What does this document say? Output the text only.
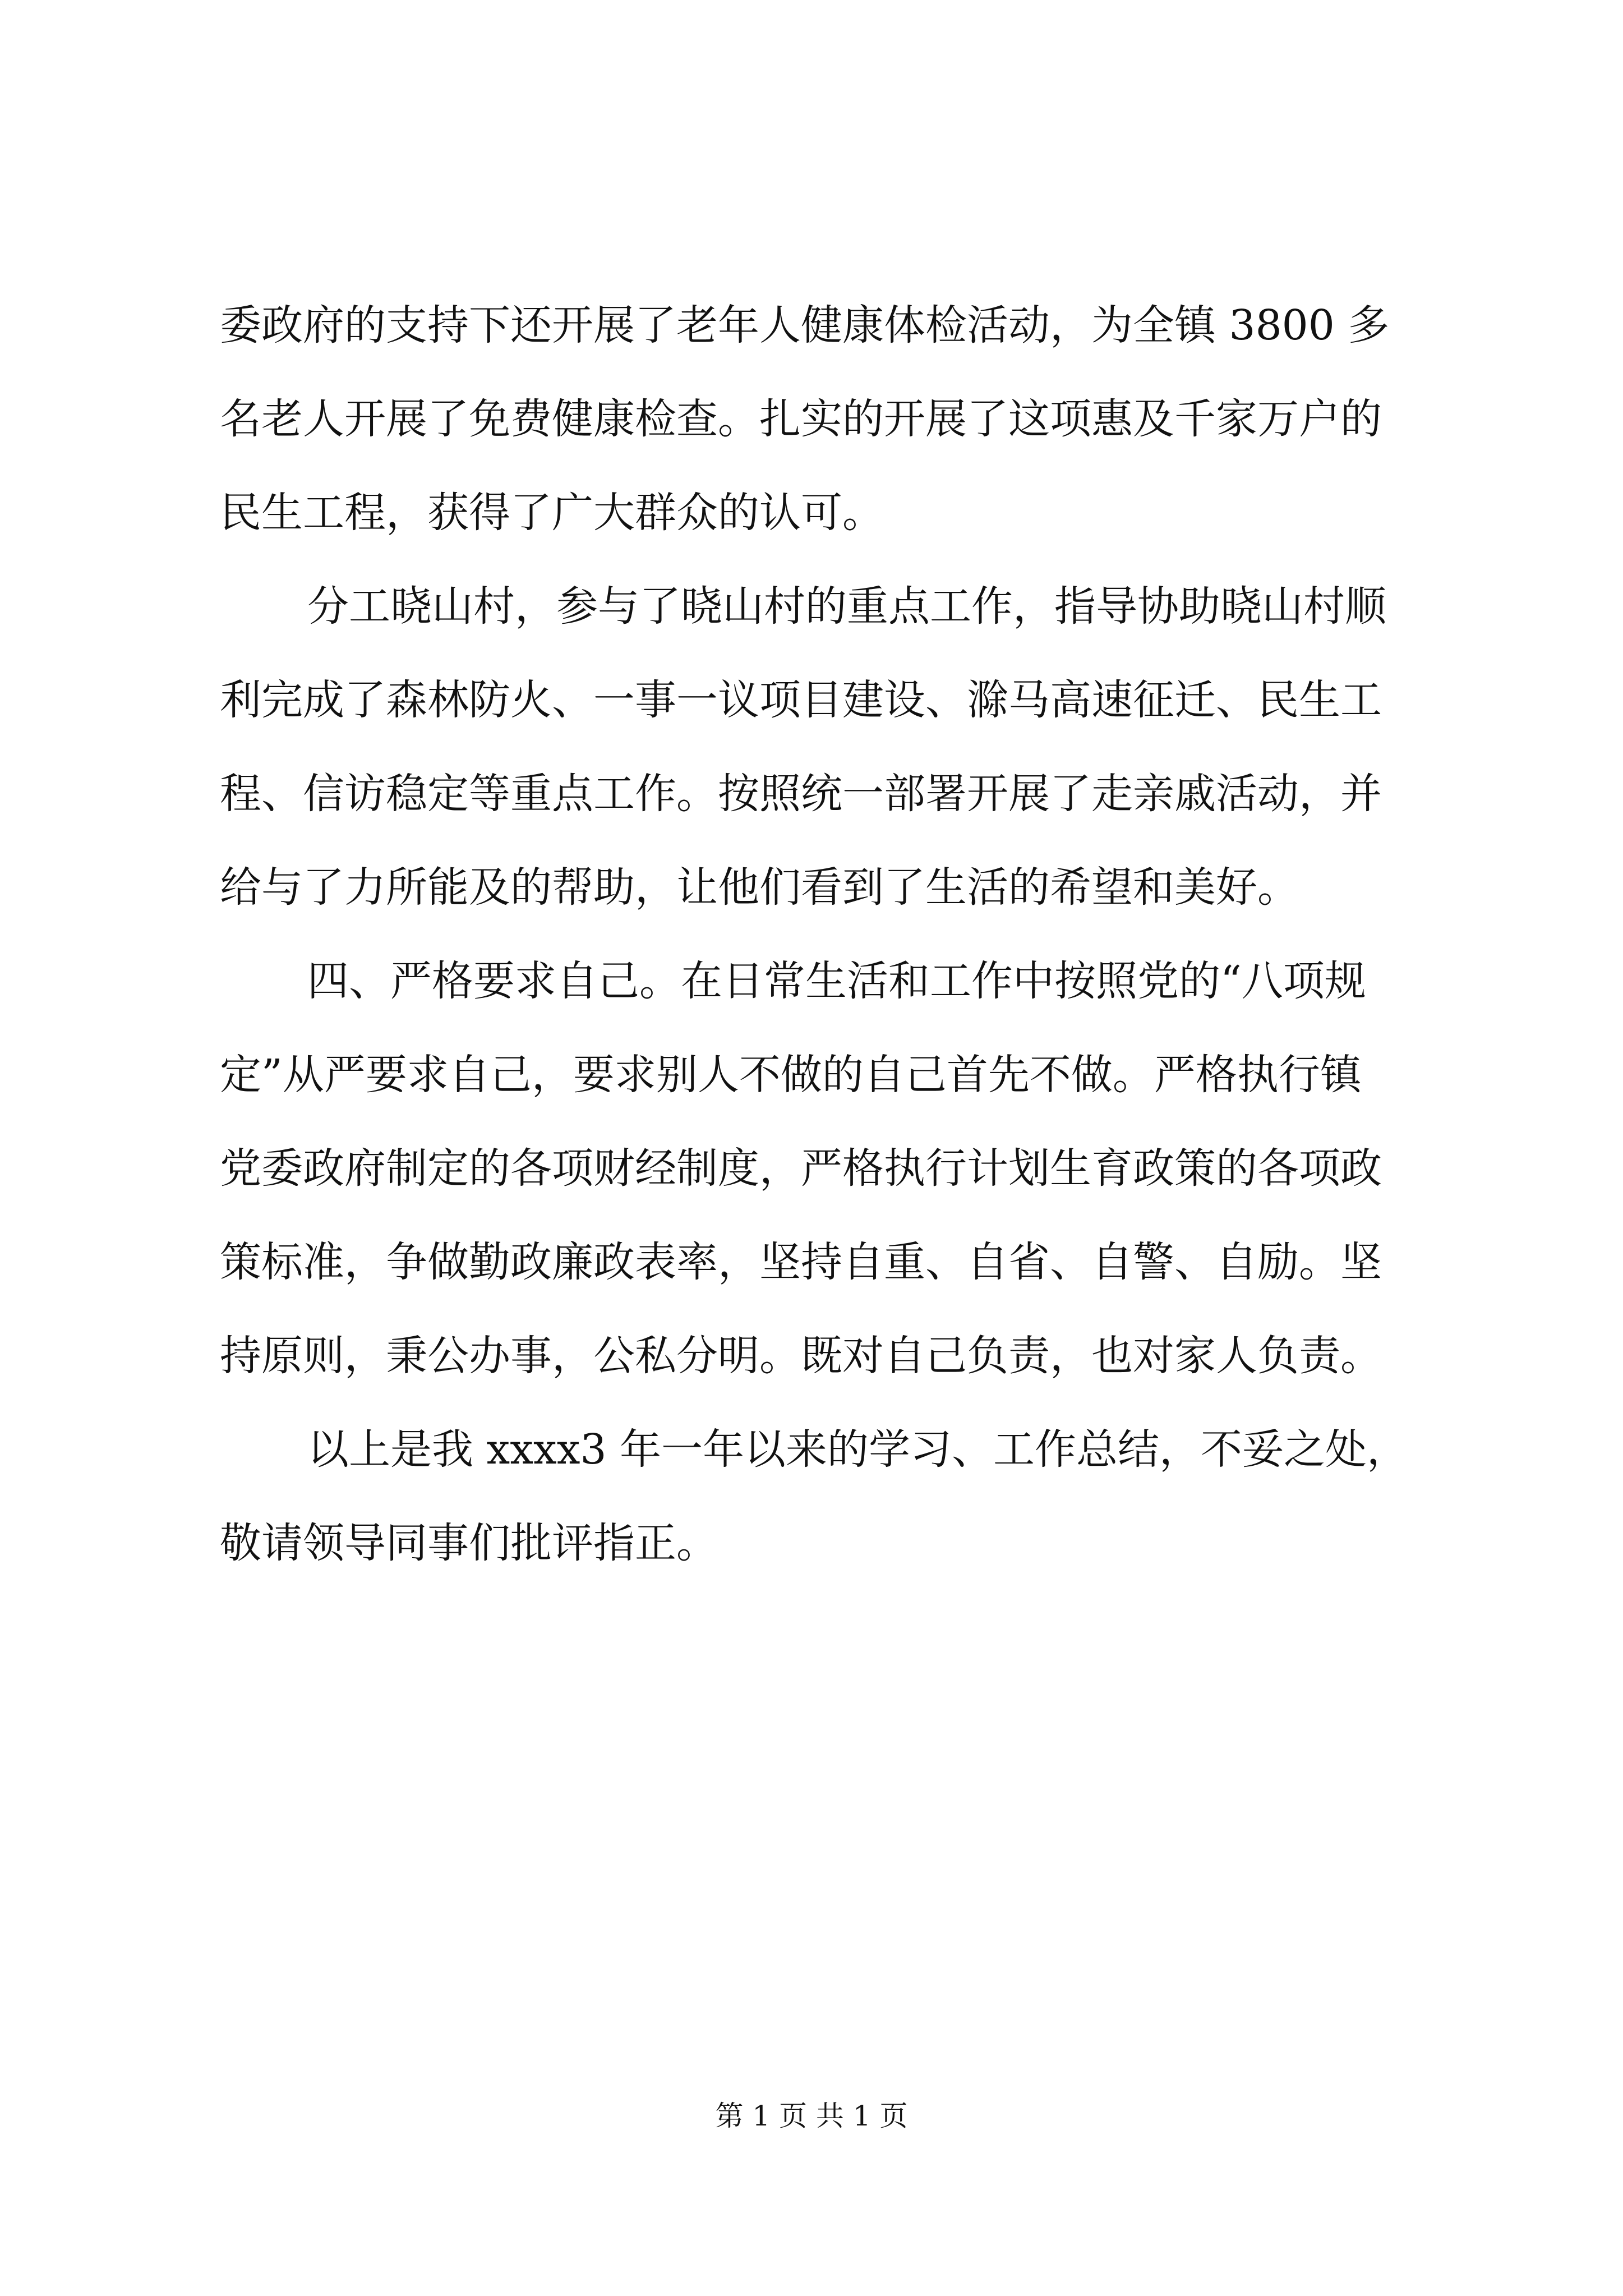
委政府的支持下还开展了老年人健康体检活动，为全镇 3800 多
名老人开展了免费健康检查。扎实的开展了这项惠及千家万户的
民生工程，获得了广大群众的认可。
分工晓山村，参与了晓山村的重点工作，指导协助晓山村顺
利完成了森林防火、一事一议项目建设、滁马高速征迁、民生工
程、信访稳定等重点工作。按照统一部署开展了走亲戚活动，并
给与了力所能及的帮助，让他们看到了生活的希望和美好。
四、严格要求自己。在日常生活和工作中按照党的“八项规
定”从严要求自己，要求别人不做的自己首先不做。严格执行镇
党委政府制定的各项财经制度，严格执行计划生育政策的各项政
策标准，争做勤政廉政表率，坚持自重、自省、自警、自励。坚
持原则，秉公办事，公私分明。既对自己负责，也对家人负责。
以上是我 xxxx3 年一年以来的学习、工作总结，不妥之处，
敬请领导同事们批评指正。
第 1 页 共 1 页
